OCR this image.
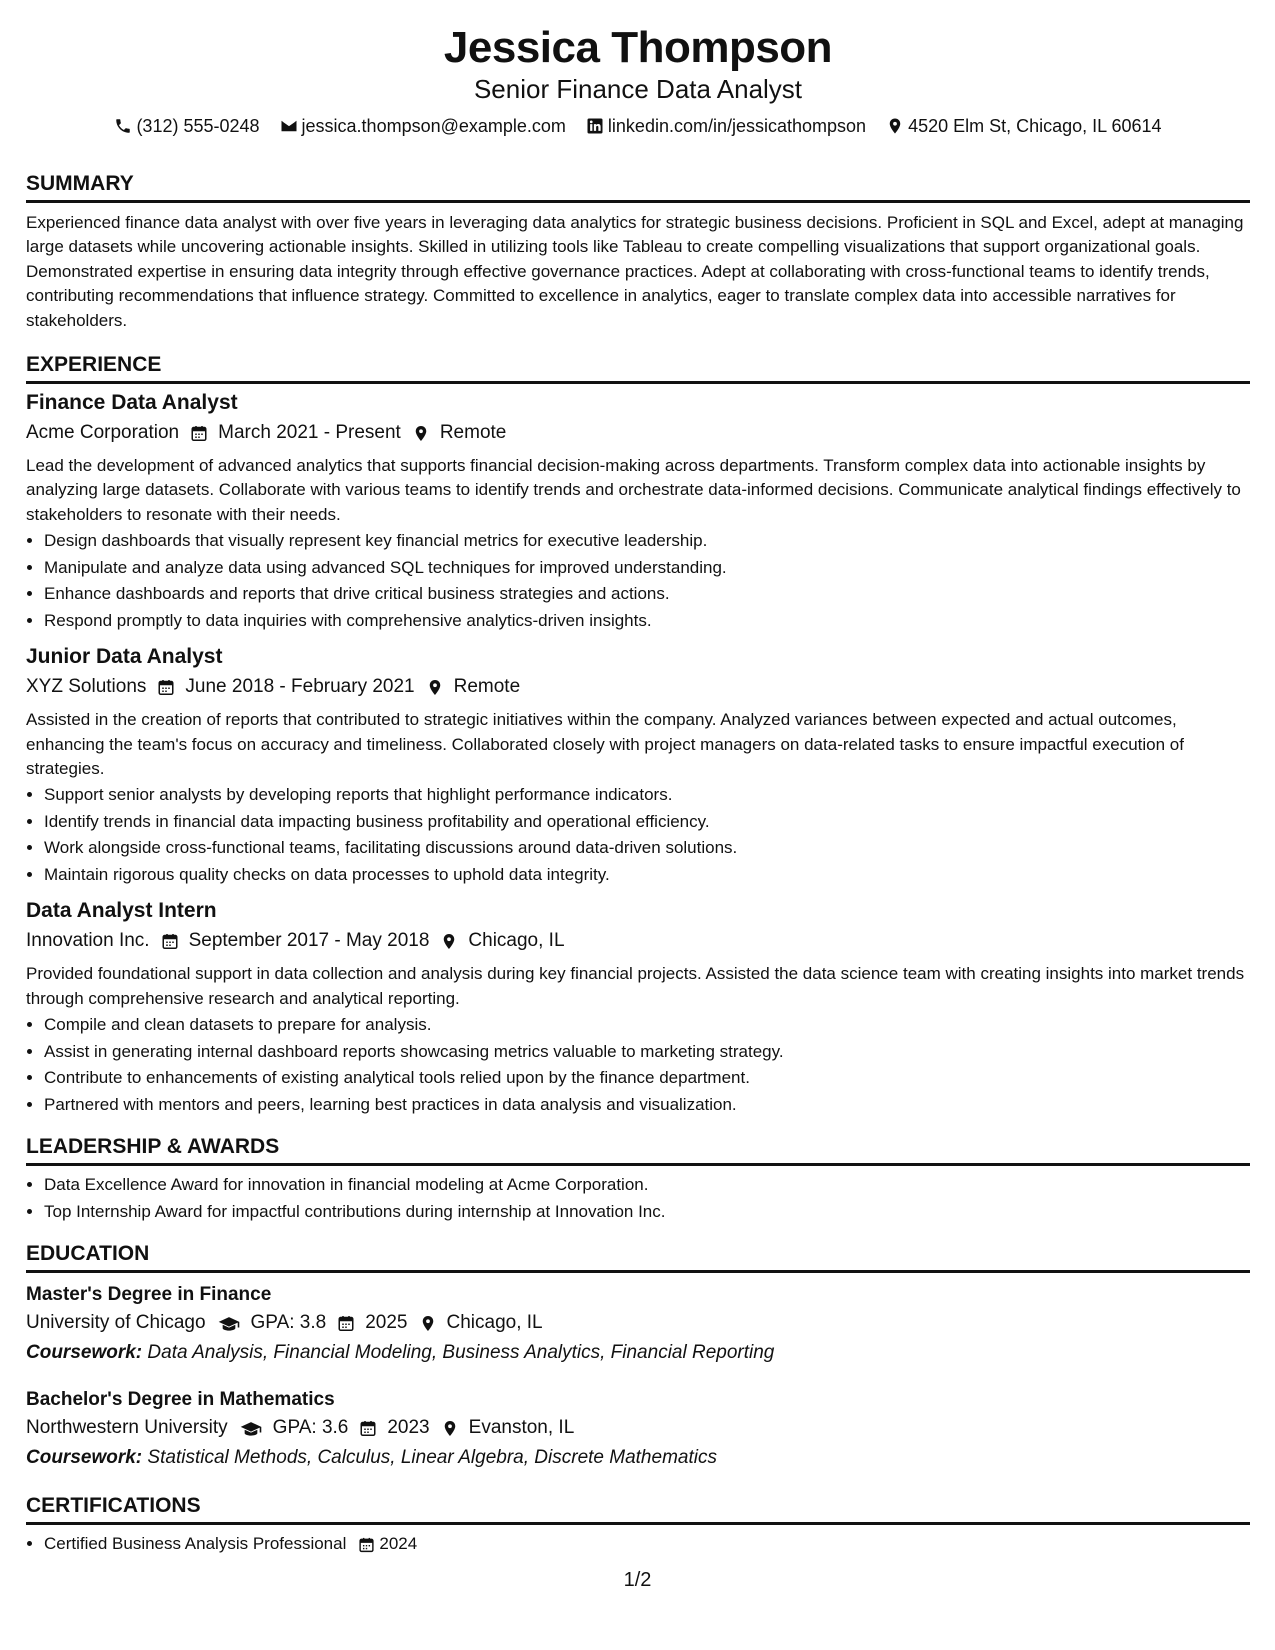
Jessica Thompson
Senior Finance Data Analyst
(312) 555-0248 jessica.thompson@example.com linkedin.com/in/jessicathompson 4520 Elm St, Chicago, IL 60614
SUMMARY
Experienced finance data analyst with over five years in leveraging data analytics for strategic business decisions. Proficient in SQL and Excel, adept at managing large datasets while uncovering actionable insights. Skilled in utilizing tools like Tableau to create compelling visualizations that support organizational goals. Demonstrated expertise in ensuring data integrity through effective governance practices. Adept at collaborating with cross-functional teams to identify trends, contributing recommendations that influence strategy. Committed to excellence in analytics, eager to translate complex data into accessible narratives for stakeholders.
EXPERIENCE
Finance Data Analyst
Acme Corporation March 2021 - Present Remote
Lead the development of advanced analytics that supports financial decision-making across departments. Transform complex data into actionable insights by analyzing large datasets. Collaborate with various teams to identify trends and orchestrate data-informed decisions. Communicate analytical findings effectively to stakeholders to resonate with their needs.
• Design dashboards that visually represent key financial metrics for executive leadership.
• Manipulate and analyze data using advanced SQL techniques for improved understanding.
• Enhance dashboards and reports that drive critical business strategies and actions.
• Respond promptly to data inquiries with comprehensive analytics-driven insights.
Junior Data Analyst
XYZ Solutions June 2018 - February 2021 Remote
Assisted in the creation of reports that contributed to strategic initiatives within the company. Analyzed variances between expected and actual outcomes, enhancing the team's focus on accuracy and timeliness. Collaborated closely with project managers on data-related tasks to ensure impactful execution of strategies.
• Support senior analysts by developing reports that highlight performance indicators.
• Identify trends in financial data impacting business profitability and operational efficiency.
• Work alongside cross-functional teams, facilitating discussions around data-driven solutions.
• Maintain rigorous quality checks on data processes to uphold data integrity.
Data Analyst Intern
Innovation Inc. September 2017 - May 2018 Chicago, IL
Provided foundational support in data collection and analysis during key financial projects. Assisted the data science team with creating insights into market trends through comprehensive research and analytical reporting.
• Compile and clean datasets to prepare for analysis.
• Assist in generating internal dashboard reports showcasing metrics valuable to marketing strategy.
• Contribute to enhancements of existing analytical tools relied upon by the finance department.
• Partnered with mentors and peers, learning best practices in data analysis and visualization.
LEADERSHIP & AWARDS
• Data Excellence Award for innovation in financial modeling at Acme Corporation.
• Top Internship Award for impactful contributions during internship at Innovation Inc.
EDUCATION
Master's Degree in Finance
University of Chicago GPA: 3.8 2025 Chicago, IL
Coursework: Data Analysis, Financial Modeling, Business Analytics, Financial Reporting
Bachelor's Degree in Mathematics
Northwestern University GPA: 3.6 2023 Evanston, IL
Coursework: Statistical Methods, Calculus, Linear Algebra, Discrete Mathematics
CERTIFICATIONS
• Certified Business Analysis Professional 2024
1/2
